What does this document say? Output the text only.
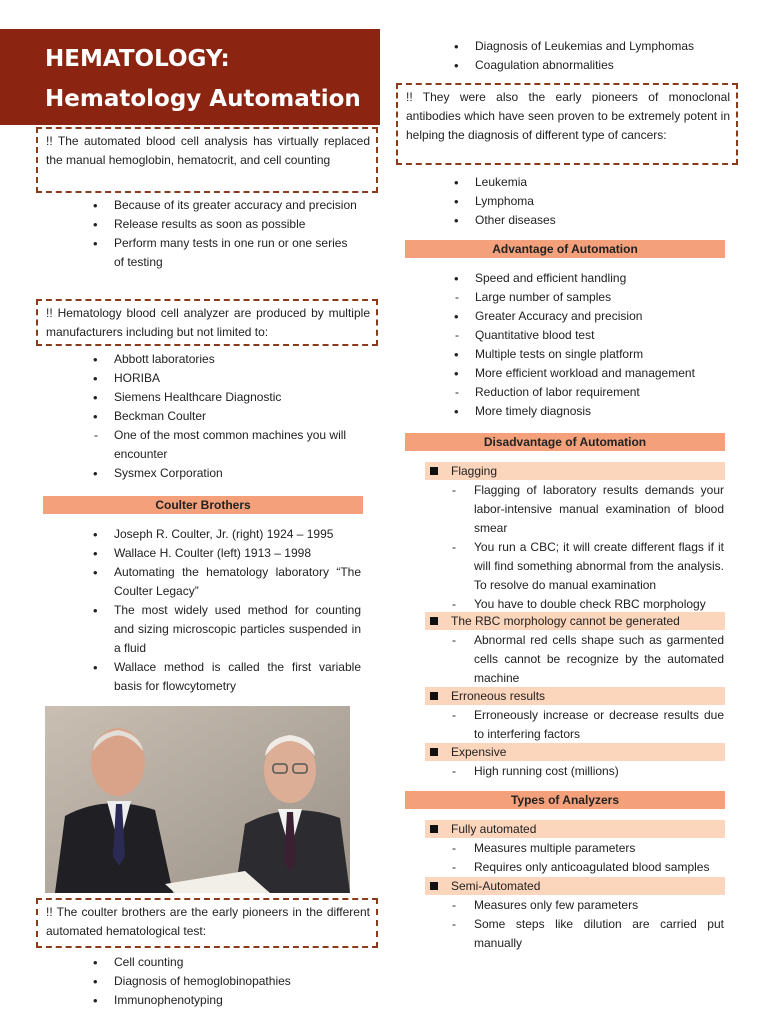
HEMATOLOGY:
Hematology Automation
!! The automated blood cell analysis has virtually replaced the manual hemoglobin, hematocrit, and cell counting
• Because of its greater accuracy and precision
• Release results as soon as possible
• Perform many tests in one run or one series of testing
!! Hematology blood cell analyzer are produced by multiple manufacturers including but not limited to:
• Abbott laboratories
• HORIBA
• Siemens Healthcare Diagnostic
• Beckman Coulter
- One of the most common machines you will encounter
• Sysmex Corporation
Coulter Brothers
• Joseph R. Coulter, Jr. (right) 1924 – 1995
• Wallace H. Coulter (left) 1913 – 1998
• Automating the hematology laboratory “The Coulter Legacy”
• The most widely used method for counting and sizing microscopic particles suspended in a fluid
• Wallace method is called the first variable basis for flowcytometry
!! The coulter brothers are the early pioneers in the different automated hematological test:
• Cell counting
• Diagnosis of hemoglobinopathies
• Immunophenotyping
• Diagnosis of Leukemias and Lymphomas
• Coagulation abnormalities
!! They were also the early pioneers of monoclonal antibodies which have seen proven to be extremely potent in helping the diagnosis of different type of cancers:
• Leukemia
• Lymphoma
• Other diseases
Advantage of Automation
• Speed and efficient handling
- Large number of samples
• Greater Accuracy and precision
- Quantitative blood test
• Multiple tests on single platform
• More efficient workload and management
- Reduction of labor requirement
• More timely diagnosis
Disadvantage of Automation
Flagging
- Flagging of laboratory results demands your labor-intensive manual examination of blood smear
- You run a CBC; it will create different flags if it will find something abnormal from the analysis. To resolve do manual examination
- You have to double check RBC morphology
The RBC morphology cannot be generated
- Abnormal red cells shape such as garmented cells cannot be recognize by the automated machine
Erroneous results
- Erroneously increase or decrease results due to interfering factors
Expensive
- High running cost (millions)
Types of Analyzers
Fully automated
- Measures multiple parameters
- Requires only anticoagulated blood samples
Semi-Automated
- Measures only few parameters
- Some steps like dilution are carried put manually
